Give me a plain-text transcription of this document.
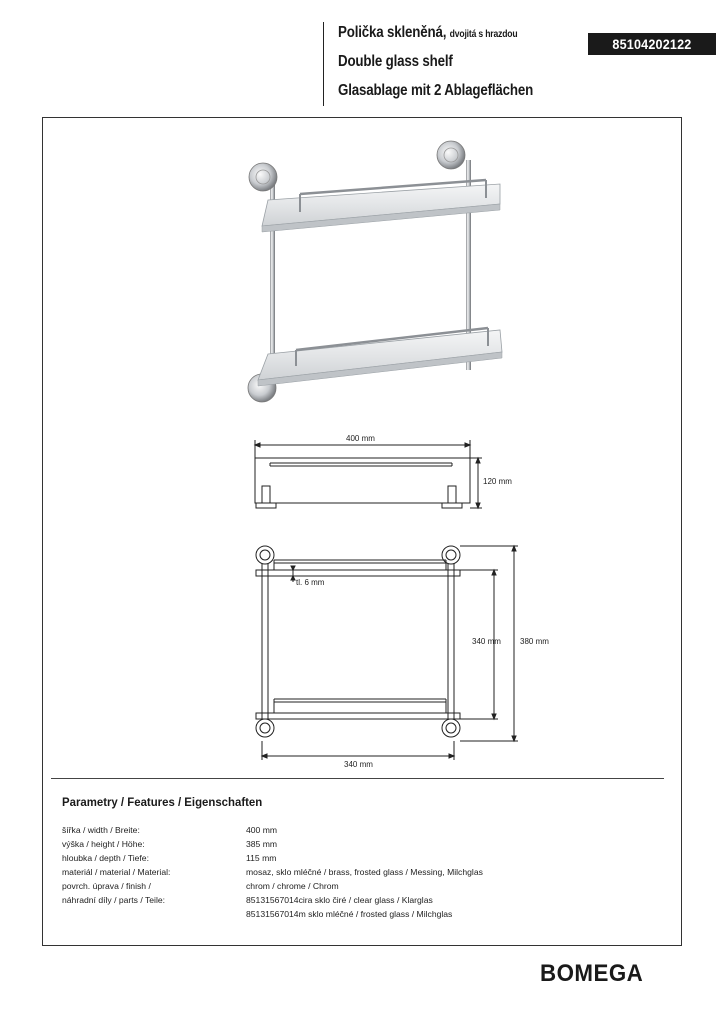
Polička skleněná, dvojitá s hrazdou
Double glass shelf
Glasablage mit 2 Ablageflächen
85104202122
400 mm
120 mm
tl. 6 mm
340 mm 380 mm
340 mm
Parametry / Features / Eigenschaften
šířka / width / Breite:	400 mm
výška / height / Höhe:	385 mm
hloubka / depth / Tiefe:	115 mm
materiál / material / Material:	mosaz, sklo mléčné / brass, frosted glass / Messing, Milchglas
povrch. úprava / finish /	chrom / chrome / Chrom
náhradní díly / parts / Teile:	85131567014cira sklo čiré / clear glass / Klarglas
85131567014m sklo mléčné / frosted glass / Milchglas
BOMEGA
